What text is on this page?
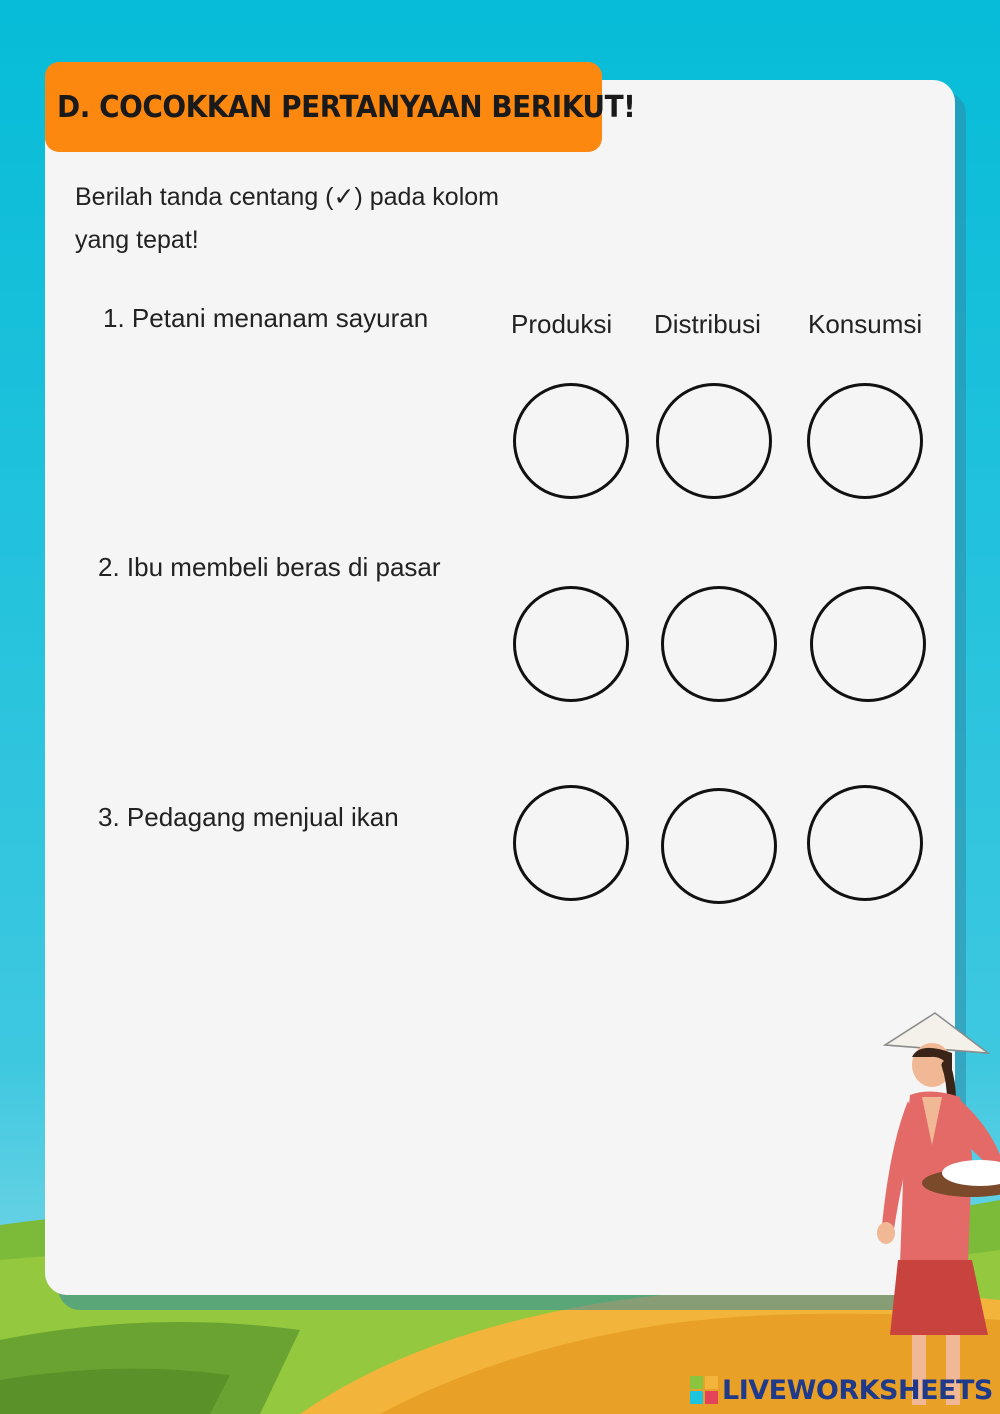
D. COCOKKAN PERTANYAAN BERIKUT!
Berilah tanda centang (✓) pada kolom yang tepat!
Produksi Distribusi Konsumsi
1. Petani menanam sayuran
2. Ibu membeli beras di pasar
3. Pedagang menjual ikan
LIVEWORKSHEETS
